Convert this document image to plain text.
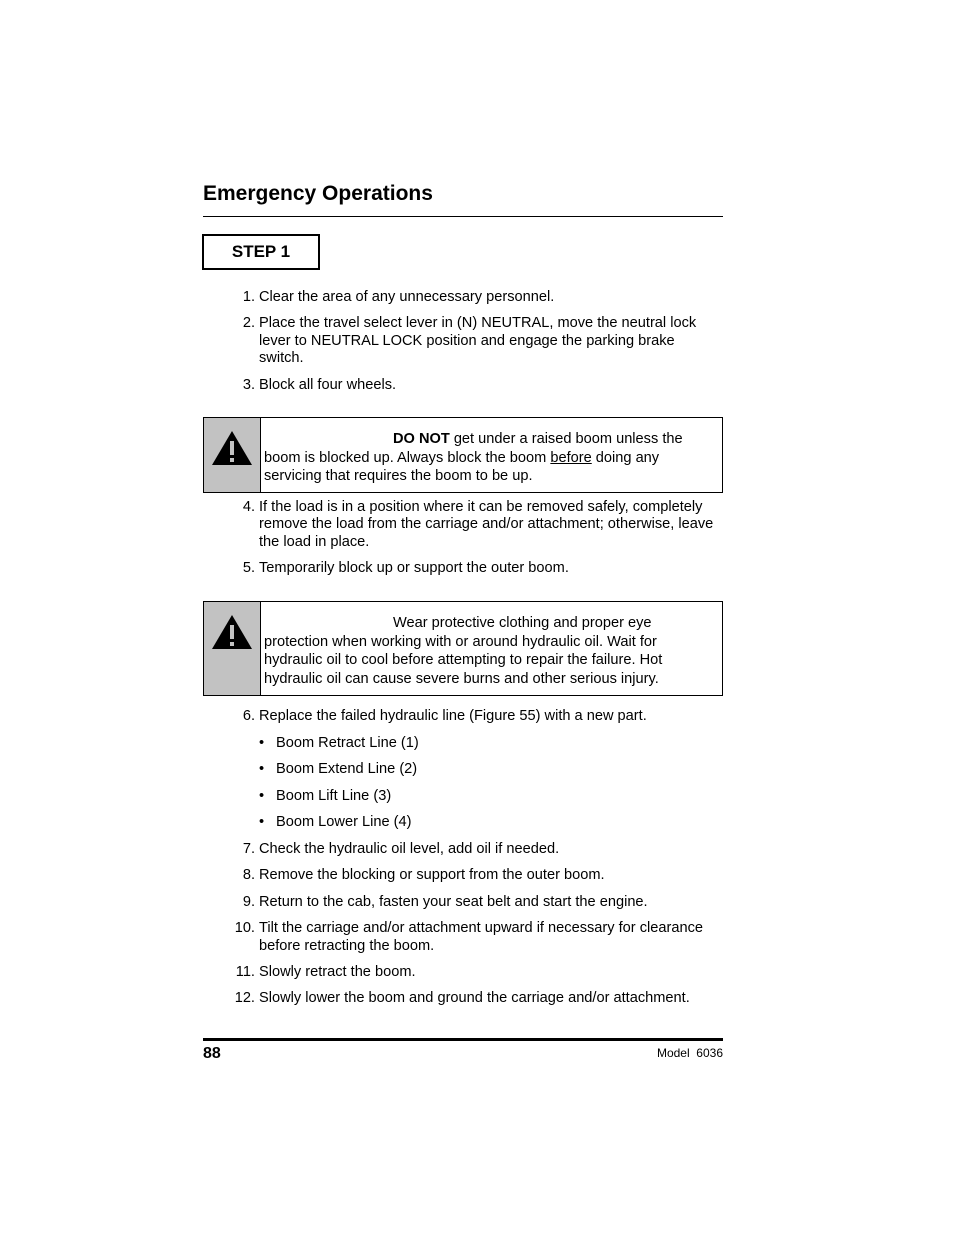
Emergency Operations
STEP 1
1. Clear the area of any unnecessary personnel.
2. Place the travel select lever in (N) NEUTRAL, move the neutral lock lever to NEUTRAL LOCK position and engage the parking brake switch.
3. Block all four wheels.
DO NOT get under a raised boom unless the boom is blocked up. Always block the boom before doing any servicing that requires the boom to be up.
4. If the load is in a position where it can be removed safely, completely remove the load from the carriage and/or attachment; otherwise, leave the load in place.
5. Temporarily block up or support the outer boom.
Wear protective clothing and proper eye protection when working with or around hydraulic oil. Wait for hydraulic oil to cool before attempting to repair the failure. Hot hydraulic oil can cause severe burns and other serious injury.
6. Replace the failed hydraulic line (Figure 55) with a new part.
• Boom Retract Line (1)
• Boom Extend Line (2)
• Boom Lift Line (3)
• Boom Lower Line (4)
7. Check the hydraulic oil level, add oil if needed.
8. Remove the blocking or support from the outer boom.
9. Return to the cab, fasten your seat belt and start the engine.
10. Tilt the carriage and/or attachment upward if necessary for clearance before retracting the boom.
11. Slowly retract the boom.
12. Slowly lower the boom and ground the carriage and/or attachment.
88	Model  6036
